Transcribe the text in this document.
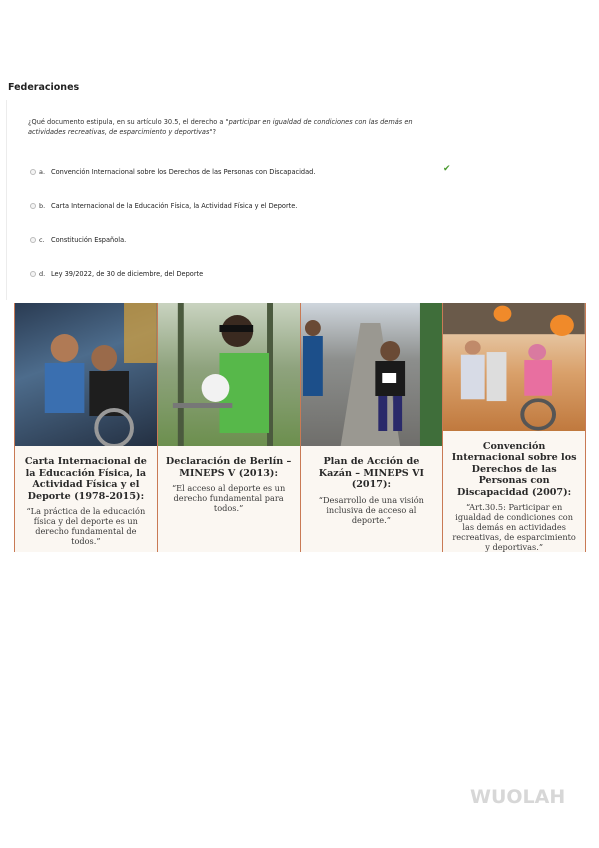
Federaciones
¿Qué documento estipula, en su artículo 30.5, el derecho a "participar en igualdad de condiciones con las demás en actividades recreativas, de esparcimiento y deportivas"?
a. Convención Internacional sobre los Derechos de las Personas con Discapacidad.	✔
b. Carta Internacional de la Educación Física, la Actividad Física y el Deporte.
c. Constitución Española.
d. Ley 39/2022, de 30 de diciembre, del Deporte
Carta Internacional de la Educación Física, la Actividad Física y el Deporte (1978-2015):
“La práctica de la educación física y del deporte es un derecho fundamental de todos.”
Declaración de Berlín – MINEPS V (2013):
“El acceso al deporte es un derecho fundamental para todos.”
Plan de Acción de Kazán – MINEPS VI (2017):
“Desarrollo de una visión inclusiva de acceso al deporte.”
Convención Internacional sobre los Derechos de las Personas con Discapacidad (2007):
“Art.30.5: Participar en igualdad de condiciones con las demás en actividades recreativas, de esparcimiento y deportivas.”
WUOLAH
